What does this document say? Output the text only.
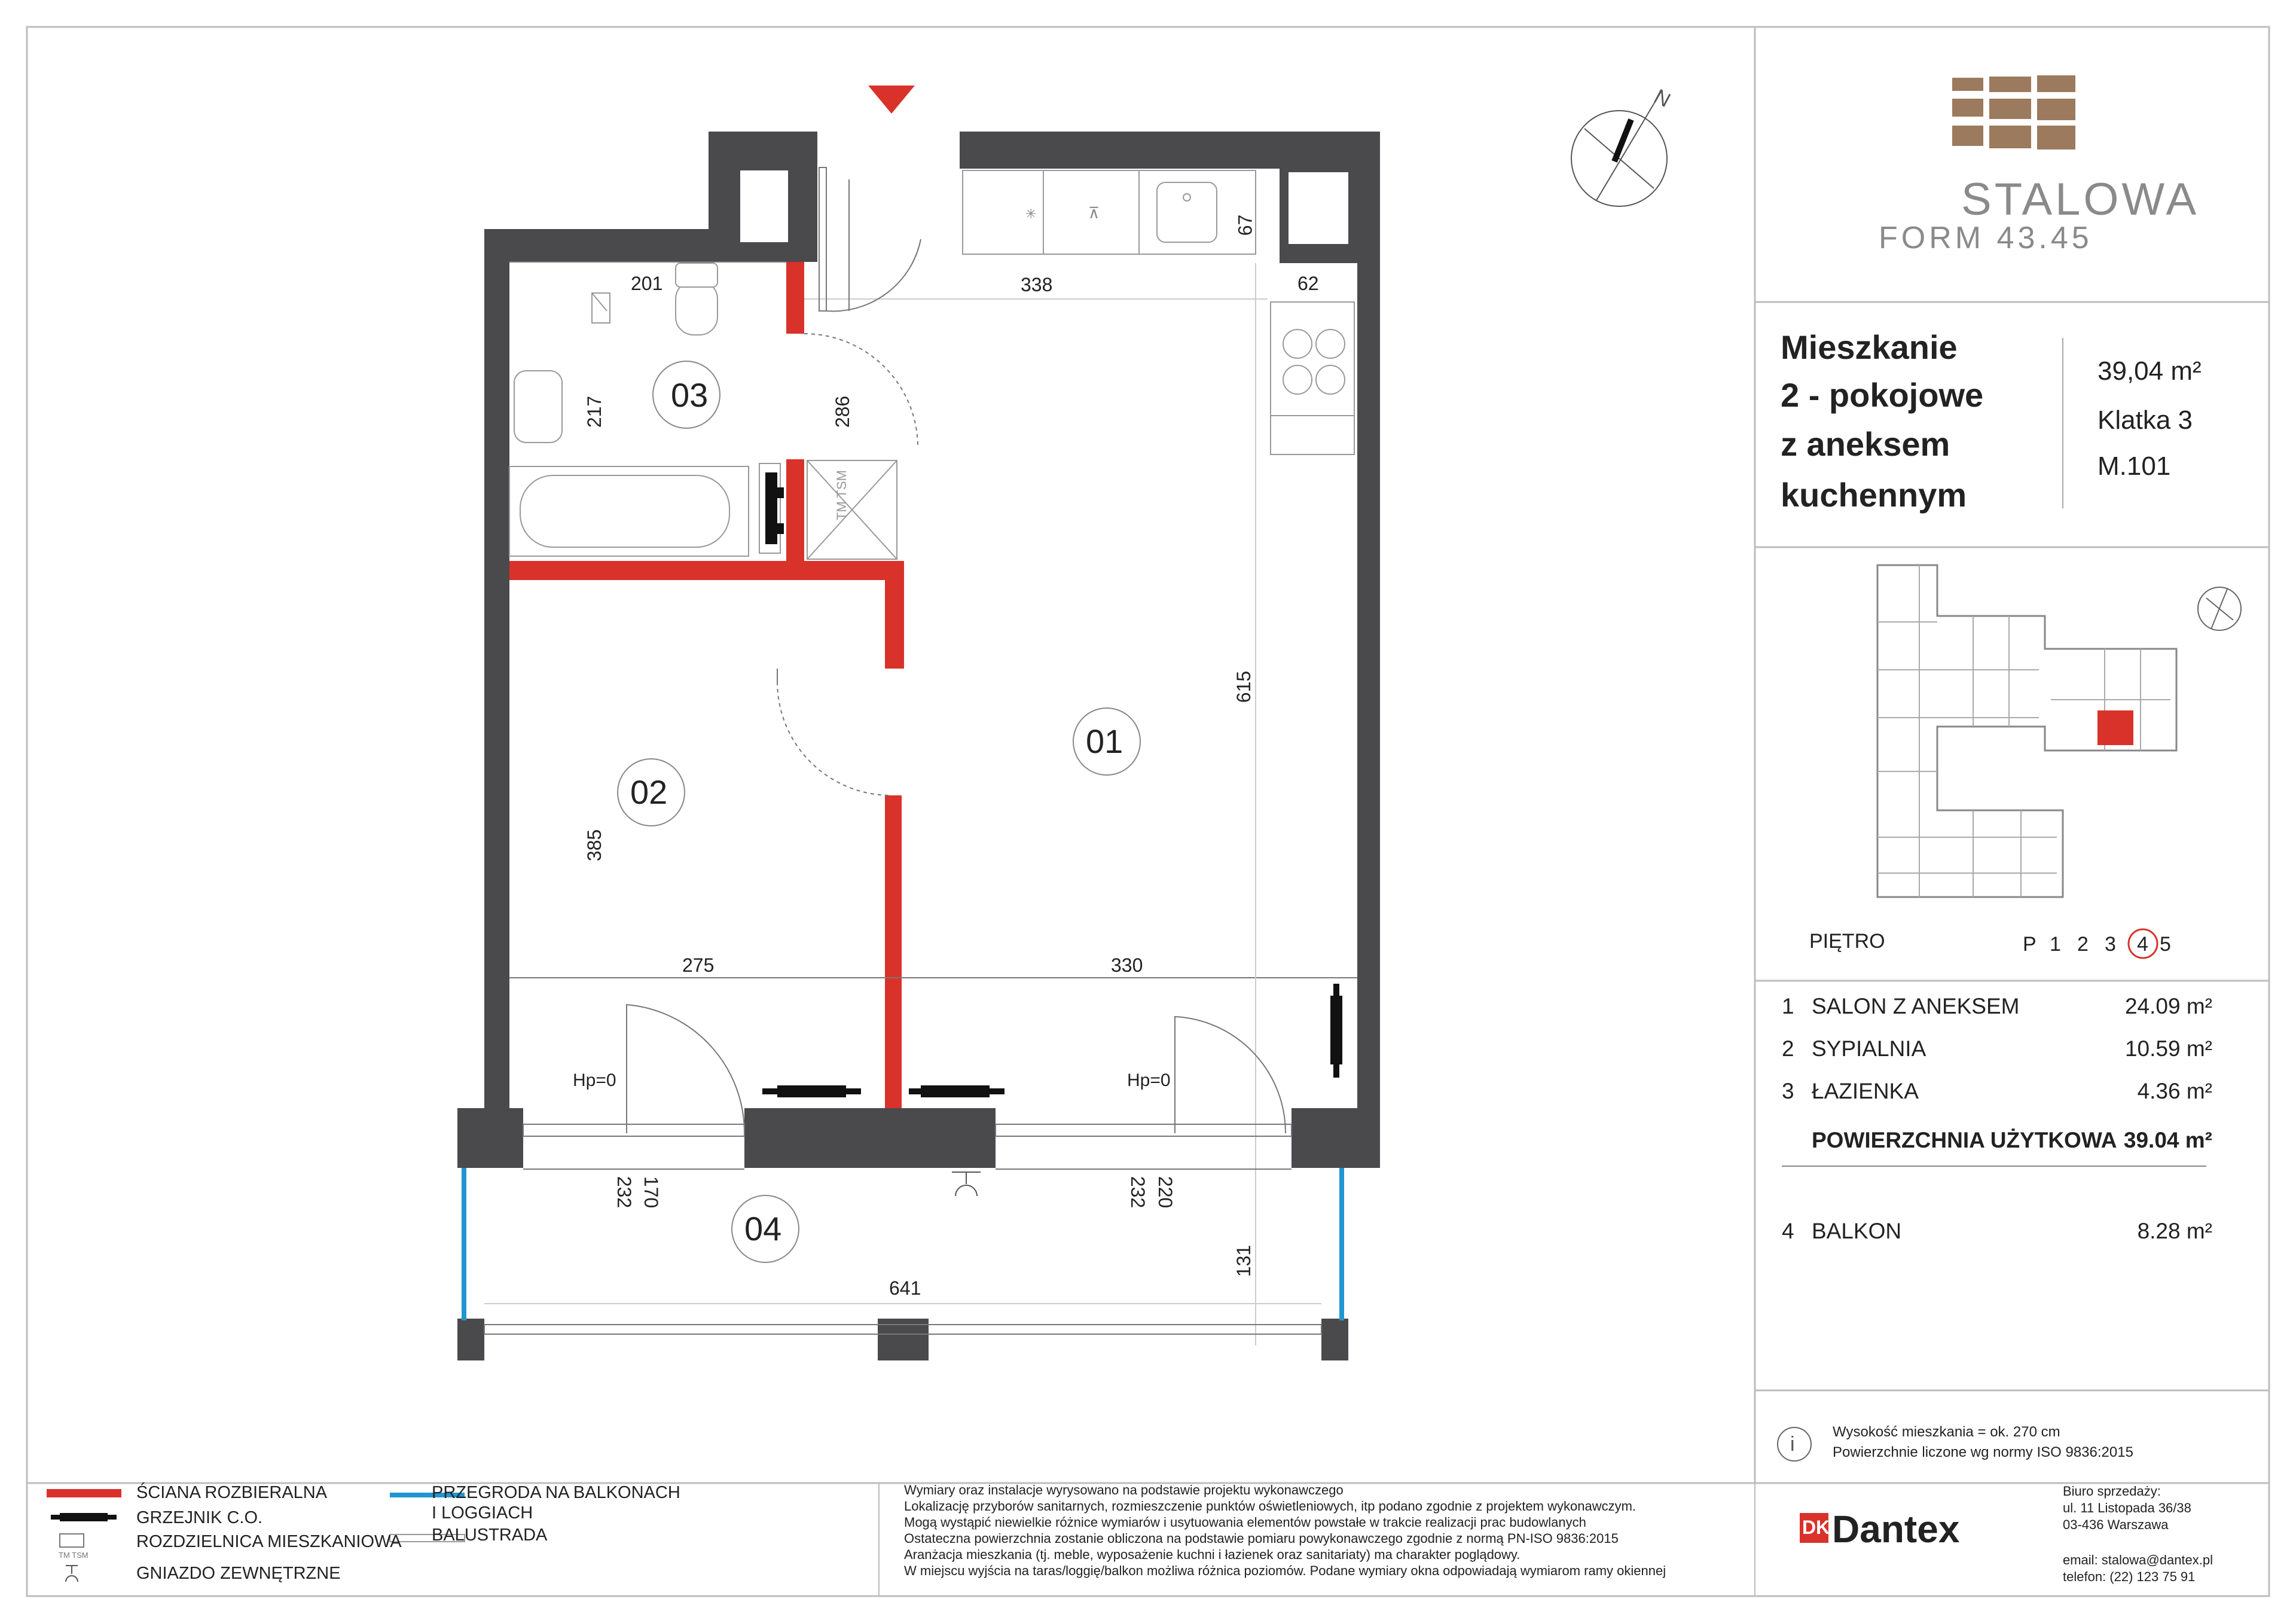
✳	⊼
TM TSM
N
TM TSM
03
02
01
04
201	338	62
67
217	286
615
385
275	330
170
232	220
232
131
641
Hp=0	Hp=0
STALOWA
FORM 43.45
Mieszkanie
2 - pokojowe
z aneksem
kuchennym
39,04 m²
Klatka 3
M.101
PIĘTRO	P 1 2 3 4 5
1 SALON Z ANEKSEM	24.09 m²
2 SYPIALNIA	10.59 m²
3 ŁAZIENKA	4.36 m²
POWIERZCHNIA UŻYTKOWA 39.04 m²
4 BALKON	8.28 m²
i
Wysokość mieszkania = ok. 270 cm
Powierzchnie liczone wg normy ISO 9836:2015
ŚCIANA ROZBIERALNA
GRZEJNIK C.O.
ROZDZIELNICA MIESZKANIOWA
GNIAZDO ZEWNĘTRZNE
PRZEGRODA NA BALKONACH
I LOGGIACH
BALUSTRADA
Wymiary oraz instalacje wyrysowano na podstawie projektu wykonawczego
Lokalizację przyborów sanitarnych, rozmieszczenie punktów oświetleniowych, itp podano zgodnie z projektem wykonawczym.
Mogą wystąpić niewielkie różnice wymiarów i usytuowania elementów powstałe w trakcie realizacji prac budowlanych
Ostateczna powierzchnia zostanie obliczona na podstawie pomiaru powykonawczego zgodnie z normą PN-ISO 9836:2015
Aranżacja mieszkania (tj. meble, wyposażenie kuchni i łazienek oraz sanitariaty) ma charakter poglądowy.
W miejscu wyjścia na taras/loggię/balkon możliwa różnica poziomów. Podane wymiary okna odpowiadają wymiarom ramy okiennej
DK Dantex
Biuro sprzedaży:
ul. 11 Listopada 36/38
03-436 Warszawa
email: stalowa@dantex.pl
telefon: (22) 123 75 91
